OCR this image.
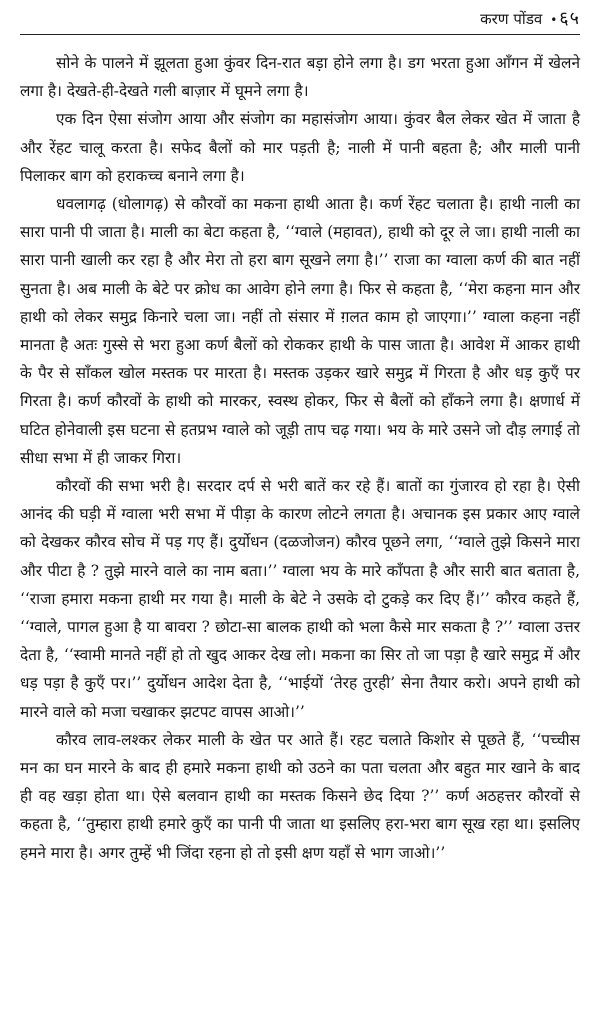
करण पोंडव • ६५

सोने के पालने में झूलता हुआ कुंवर दिन-रात बड़ा होने लगा है। डग भरता हुआ आँगन में खेलने लगा है। देखते-ही-देखते गली बाज़ार में घूमने लगा है।

एक दिन ऐसा संजोग आया और संजोग का महासंजोग आया। कुंवर बैल लेकर खेत में जाता है और रेंहट चालू करता है। सफेद बैलों को मार पड़ती है; नाली में पानी बहता है; और माली पानी पिलाकर बाग को हराकच्च बनाने लगा है।

धवलागढ़ (धोलागढ़) से कौरवों का मकना हाथी आता है। कर्ण रेंहट चलाता है। हाथी नाली का सारा पानी पी जाता है। माली का बेटा कहता है, ‘‘ग्वाले (महावत), हाथी को दूर ले जा। हाथी नाली का सारा पानी खाली कर रहा है और मेरा तो हरा बाग सूखने लगा है।’’ राजा का ग्वाला कर्ण की बात नहीं सुनता है। अब माली के बेटे पर क्रोध का आवेग होने लगा है। फिर से कहता है, ‘‘मेरा कहना मान और हाथी को लेकर समुद्र किनारे चला जा। नहीं तो संसार में ग़लत काम हो जाएगा।’’ ग्वाला कहना नहीं मानता है अतः गुस्से से भरा हुआ कर्ण बैलों को रोककर हाथी के पास जाता है। आवेश में आकर हाथी के पैर से साँकल खोल मस्तक पर मारता है। मस्तक उड़कर खारे समुद्र में गिरता है और धड़ कुएँ पर गिरता है। कर्ण कौरवों के हाथी को मारकर, स्वस्थ होकर, फिर से बैलों को हाँकने लगा है। क्षणार्ध में घटित होनेवाली इस घटना से हतप्रभ ग्वाले को जूड़ी ताप चढ़ गया। भय के मारे उसने जो दौड़ लगाई तो सीधा सभा में ही जाकर गिरा।

कौरवों की सभा भरी है। सरदार दर्प से भरी बातें कर रहे हैं। बातों का गुंजारव हो रहा है। ऐसी आनंद की घड़ी में ग्वाला भरी सभा में पीड़ा के कारण लोटने लगता है। अचानक इस प्रकार आए ग्वाले को देखकर कौरव सोच में पड़ गए हैं। दुर्योधन (दळजोजन) कौरव पूछने लगा, ‘‘ग्वाले तुझे किसने मारा और पीटा है ? तुझे मारने वाले का नाम बता।’’ ग्वाला भय के मारे काँपता है और सारी बात बताता है, ‘‘राजा हमारा मकना हाथी मर गया है। माली के बेटे ने उसके दो टुकड़े कर दिए हैं।’’ कौरव कहते हैं, ‘‘ग्वाले, पागल हुआ है या बावरा ? छोटा-सा बालक हाथी को भला कैसे मार सकता है ?’’ ग्वाला उत्तर देता है, ‘‘स्वामी मानते नहीं हो तो खुद आकर देख लो। मकना का सिर तो जा पड़ा है खारे समुद्र में और धड़ पड़ा है कुएँ पर।’’ दुर्योधन आदेश देता है, ‘‘भाईयों ‘तेरह तुरही’ सेना तैयार करो। अपने हाथी को मारने वाले को मजा चखाकर झटपट वापस आओ।’’

कौरव लाव-लश्कर लेकर माली के खेत पर आते हैं। रहट चलाते किशोर से पूछते हैं, ‘‘पच्चीस मन का घन मारने के बाद ही हमारे मकना हाथी को उठने का पता चलता और बहुत मार खाने के बाद ही वह खड़ा होता था। ऐसे बलवान हाथी का मस्तक किसने छेद दिया ?’’ कर्ण अठहत्तर कौरवों से कहता है, ‘‘तुम्हारा हाथी हमारे कुएँ का पानी पी जाता था इसलिए हरा-भरा बाग सूख रहा था। इसलिए हमने मारा है। अगर तुम्हें भी जिंदा रहना हो तो इसी क्षण यहाँ से भाग जाओ।’’
